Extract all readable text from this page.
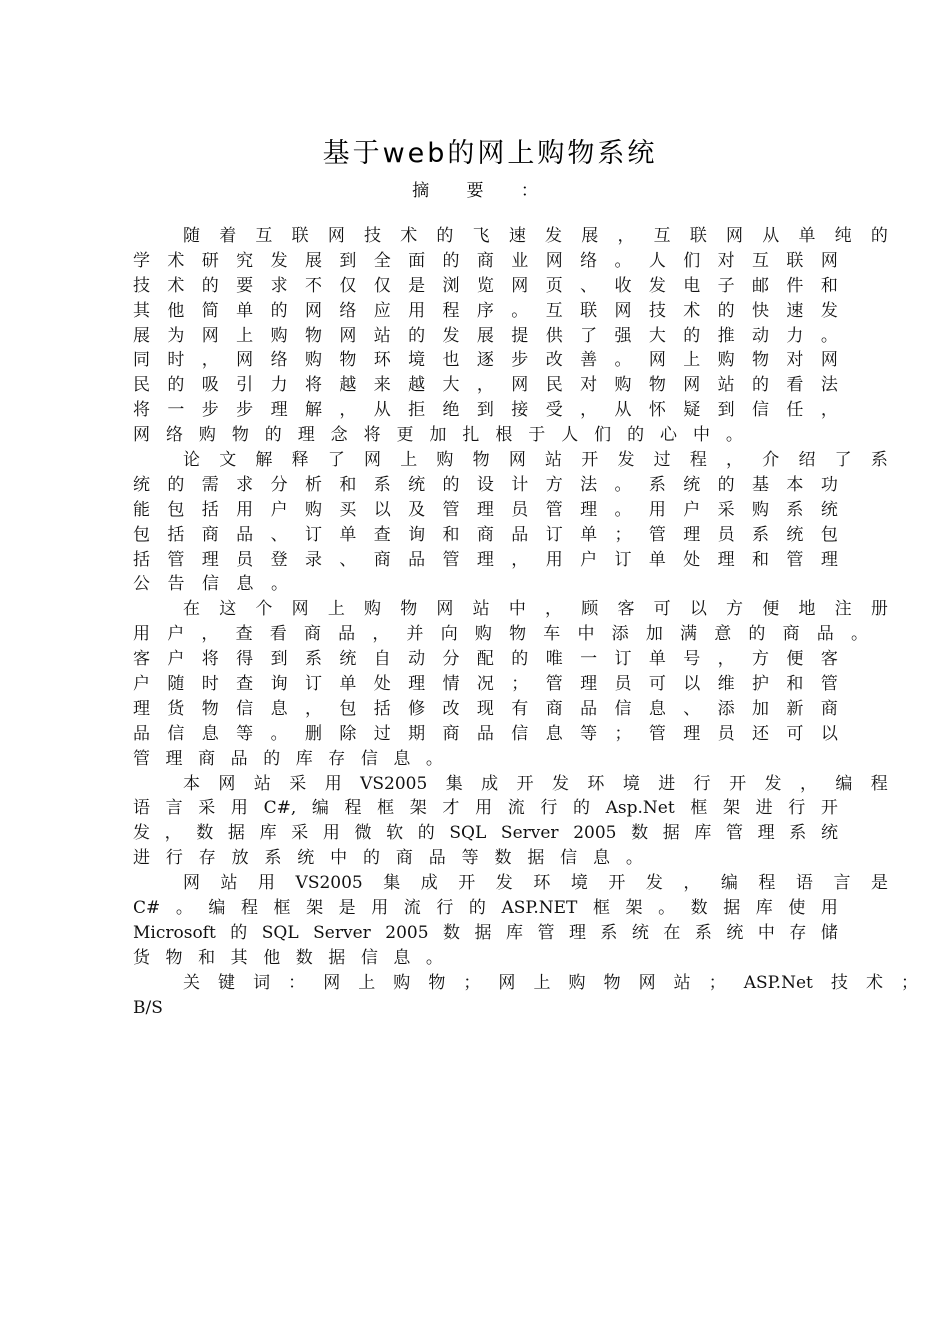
基于web的网上购物系统
摘 要 ：
随 着 互 联 网 技 术 的 飞 速 发 展 ， 互 联 网 从 单 纯 的
学 术 研 究 发 展 到 全 面 的 商 业 网 络 。 人 们 对 互 联 网
技 术 的 要 求 不 仅 仅 是 浏 览 网 页 、 收 发 电 子 邮 件 和
其 他 简 单 的 网 络 应 用 程 序 。 互 联 网 技 术 的 快 速 发
展 为 网 上 购 物 网 站 的 发 展 提 供 了 强 大 的 推 动 力 。
同 时 ， 网 络 购 物 环 境 也 逐 步 改 善 。 网 上 购 物 对 网
民 的 吸 引 力 将 越 来 越 大 ， 网 民 对 购 物 网 站 的 看 法
将 一 步 步 理 解 ， 从 拒 绝 到 接 受 ， 从 怀 疑 到 信 任 ，
网 络 购 物 的 理 念 将 更 加 扎 根 于 人 们 的 心 中 。
论 文 解 释 了 网 上 购 物 网 站 开 发 过 程 ， 介 绍 了 系
统 的 需 求 分 析 和 系 统 的 设 计 方 法 。 系 统 的 基 本 功
能 包 括 用 户 购 买 以 及 管 理 员 管 理 。 用 户 采 购 系 统
包 括 商 品 、 订 单 查 询 和 商 品 订 单 ； 管 理 员 系 统 包
括 管 理 员 登 录 、 商 品 管 理 ， 用 户 订 单 处 理 和 管 理
公 告 信 息 。
在 这 个 网 上 购 物 网 站 中 ， 顾 客 可 以 方 便 地 注 册
用 户 ， 查 看 商 品 ， 并 向 购 物 车 中 添 加 满 意 的 商 品 。
客 户 将 得 到 系 统 自 动 分 配 的 唯 一 订 单 号 ， 方 便 客
户 随 时 查 询 订 单 处 理 情 况 ； 管 理 员 可 以 维 护 和 管
理 货 物 信 息 ， 包 括 修 改 现 有 商 品 信 息 、 添 加 新 商
品 信 息 等 。 删 除 过 期 商 品 信 息 等 ； 管 理 员 还 可 以
管 理 商 品 的 库 存 信 息 。
本 网 站 采 用 VS2005 集 成 开 发 环 境 进 行 开 发 ， 编 程
语 言 采 用 C#, 编 程 框 架 才 用 流 行 的 Asp.Net 框 架 进 行 开
发 ， 数 据 库 采 用 微 软 的 SQL Server 2005 数 据 库 管 理 系 统
进 行 存 放 系 统 中 的 商 品 等 数 据 信 息 。
网 站 用 VS2005 集 成 开 发 环 境 开 发 ， 编 程 语 言 是
C# 。 编 程 框 架 是 用 流 行 的 ASP.NET 框 架 。 数 据 库 使 用
Microsoft 的 SQL Server 2005 数 据 库 管 理 系 统 在 系 统 中 存 储
货 物 和 其 他 数 据 信 息 。
关 键 词 ： 网 上 购 物 ； 网 上 购 物 网 站 ； ASP.Net 技 术 ；
B/S
